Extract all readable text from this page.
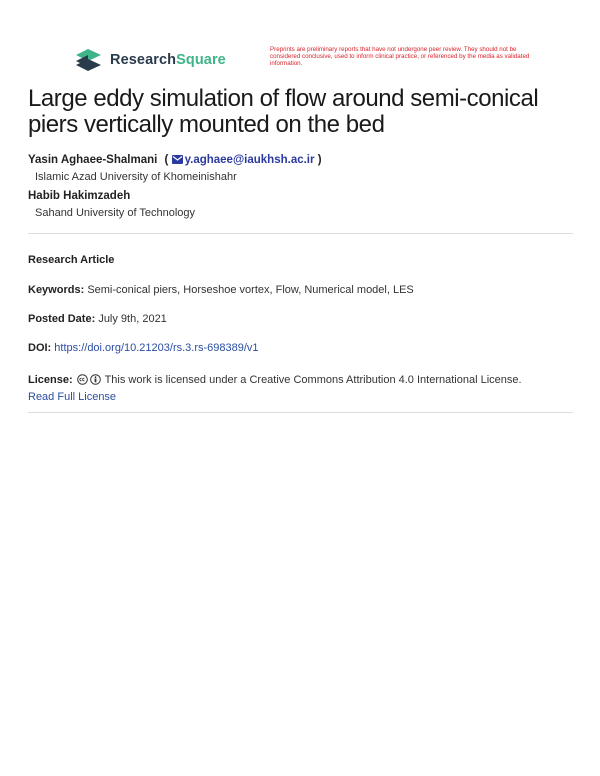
ResearchSquare
Preprints are preliminary reports that have not undergone peer review. They should not be considered conclusive, used to inform clinical practice, or referenced by the media as validated information.
Large eddy simulation of flow around semi-conical piers vertically mounted on the bed
Yasin Aghaee-Shalmani ( y.aghaee@iaukhsh.ac.ir )
Islamic Azad University of Khomeinishahr
Habib Hakimzadeh
Sahand University of Technology
Research Article
Keywords: Semi-conical piers, Horseshoe vortex, Flow, Numerical model, LES
Posted Date: July 9th, 2021
DOI: https://doi.org/10.21203/rs.3.rs-698389/v1
License:	This work is licensed under a Creative Commons Attribution 4.0 International License.
Read Full License
